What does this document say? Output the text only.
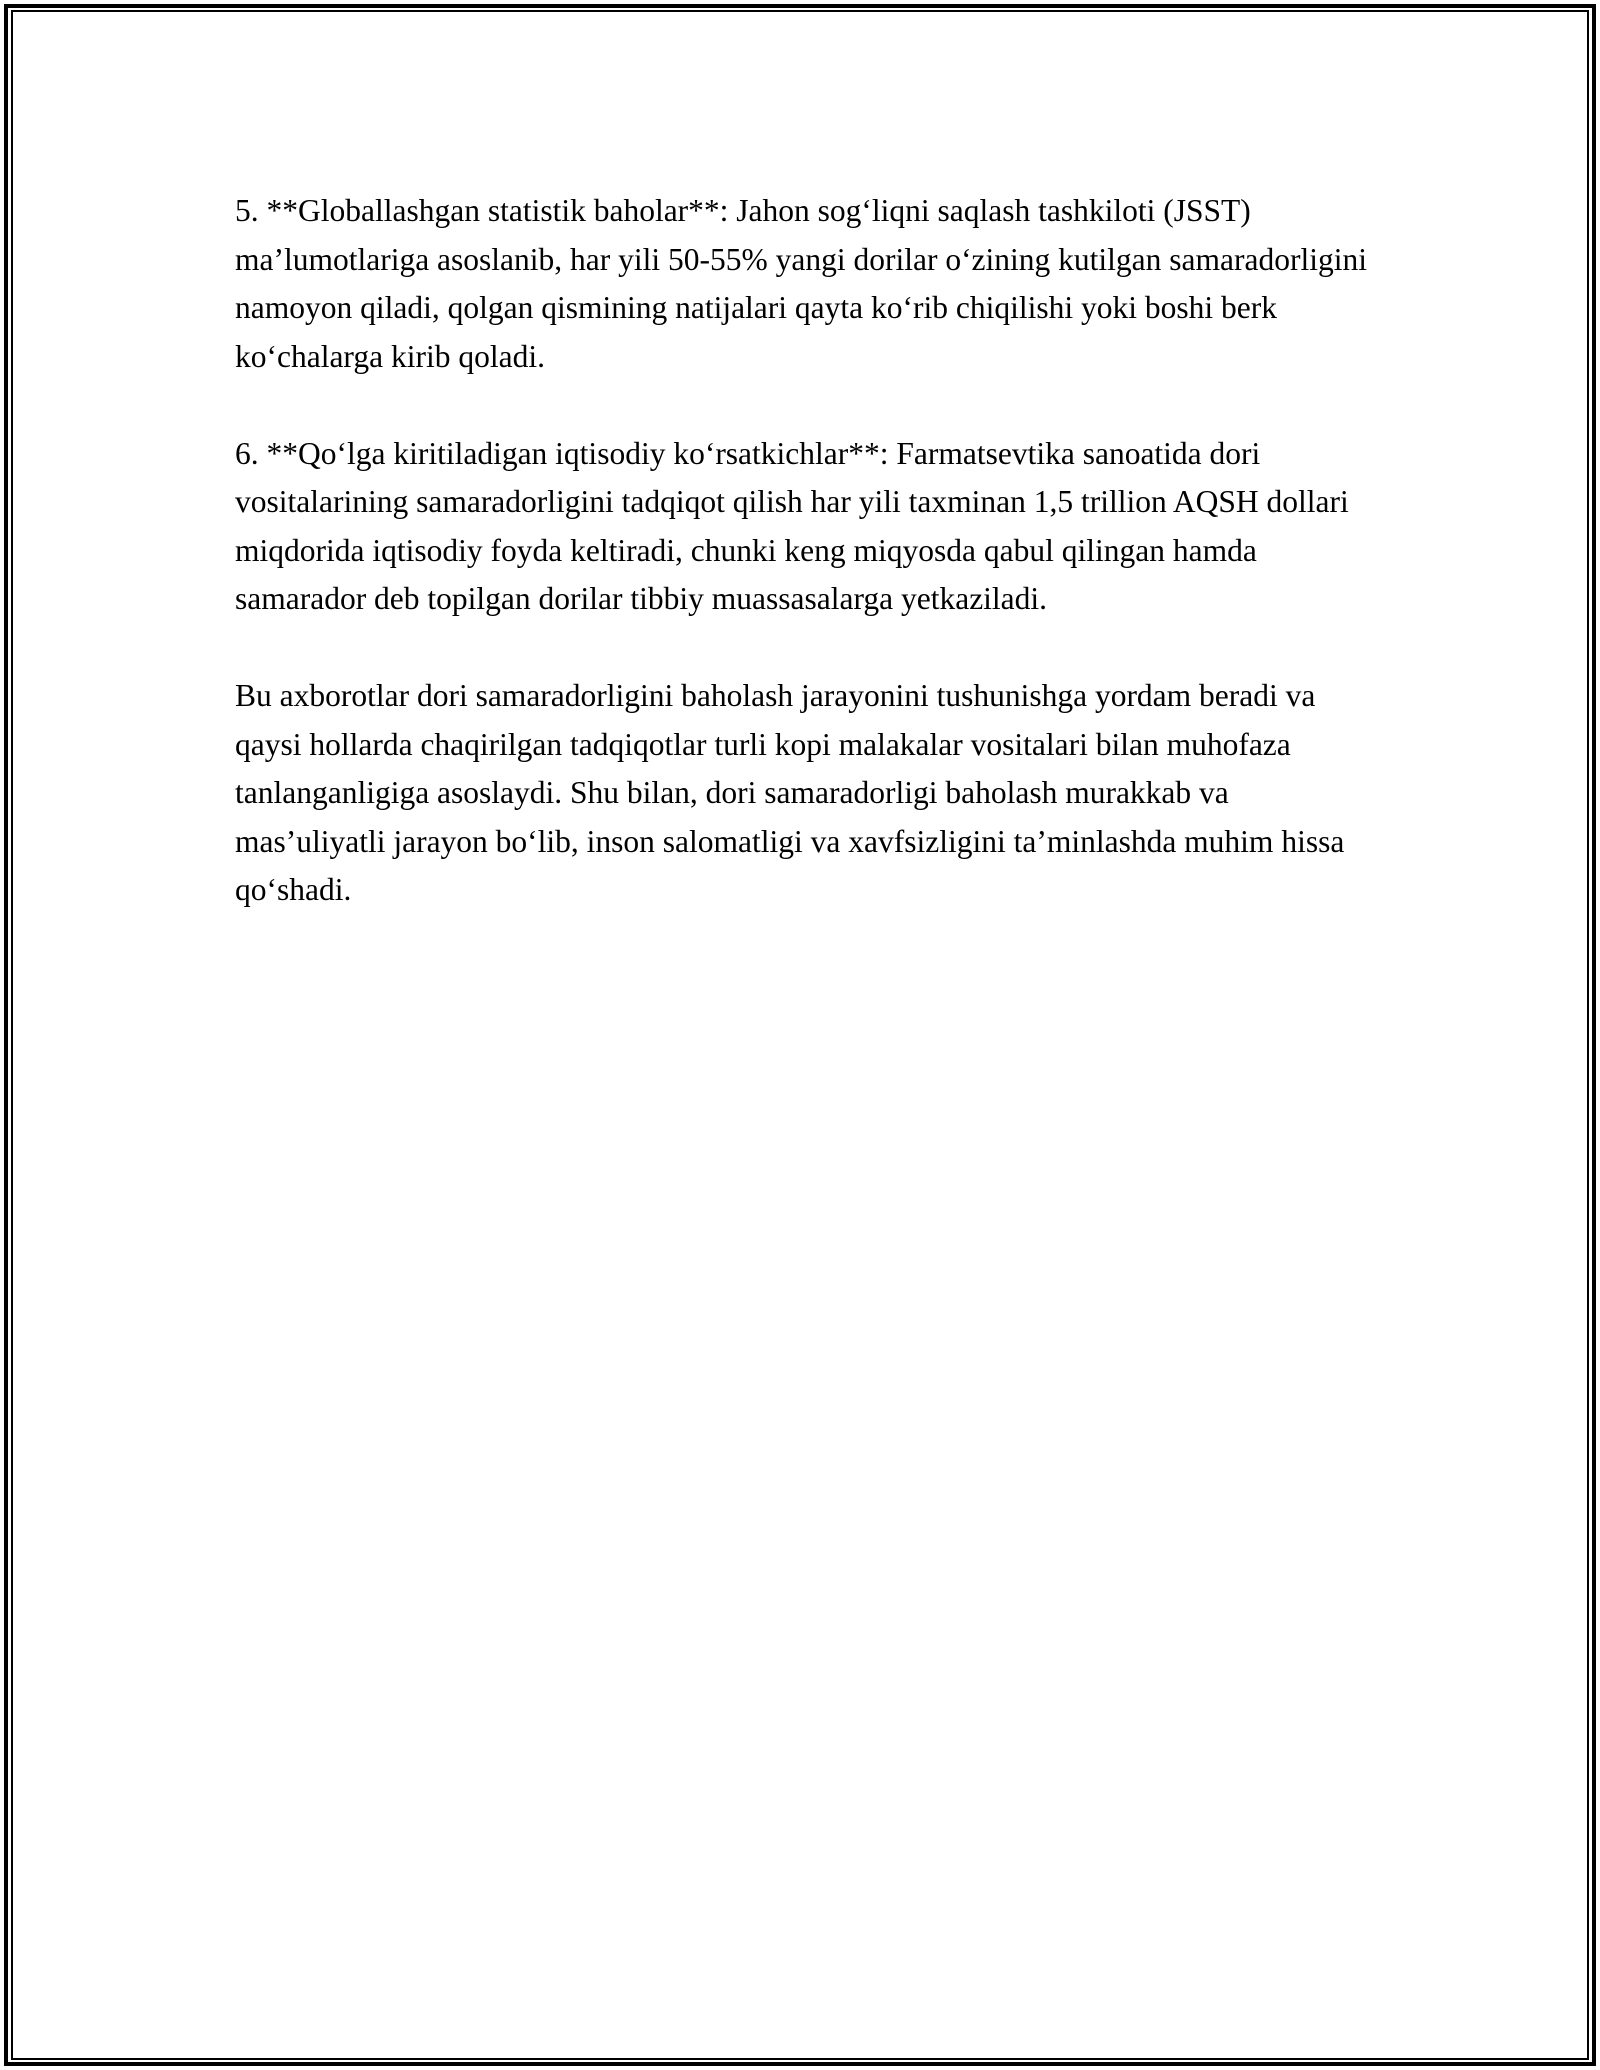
5. **Globallashgan statistik baholar**: Jahon sog‘liqni saqlash tashkiloti (JSST) ma’lumotlariga asoslanib, har yili 50-55% yangi dorilar o‘zining kutilgan samaradorligini namoyon qiladi, qolgan qismining natijalari qayta ko‘rib chiqilishi yoki boshi berk ko‘chalarga kirib qoladi.

6. **Qo‘lga kiritiladigan iqtisodiy ko‘rsatkichlar**: Farmatsevtika sanoatida dori vositalarining samaradorligini tadqiqot qilish har yili taxminan 1,5 trillion AQSH dollari miqdorida iqtisodiy foyda keltiradi, chunki keng miqyosda qabul qilingan hamda samarador deb topilgan dorilar tibbiy muassasalarga yetkaziladi.

Bu axborotlar dori samaradorligini baholash jarayonini tushunishga yordam beradi va qaysi hollarda chaqirilgan tadqiqotlar turli kopi malakalar vositalari bilan muhofaza tanlanganligiga asoslaydi. Shu bilan, dori samaradorligi baholash murakkab va mas’uliyatli jarayon bo‘lib, inson salomatligi va xavfsizligini ta’minlashda muhim hissa qo‘shadi.
